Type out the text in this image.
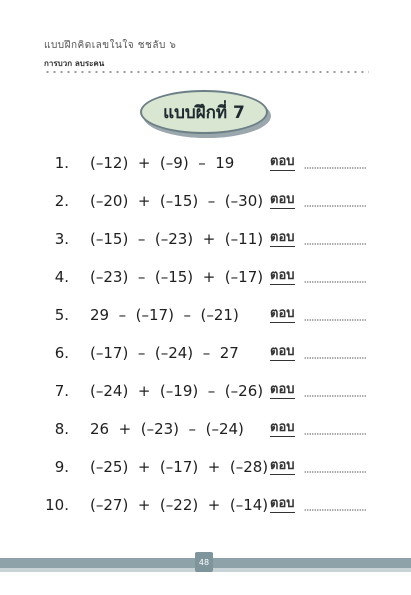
แบบฝึกคิดเลขในใจ ชชลับ ๖
การบวก ลบระคน
แบบฝึกที่ 7
1. (–12)  +  (–9)  –  19	ตอบ
2. (–20)  +  (–15)  –  (–30) ตอบ
3. (–15)  –  (–23)  +  (–11) ตอบ
4. (–23)  –  (–15)  +  (–17) ตอบ
5. 29  –  (–17)  –  (–21) ตอบ
6. (–17)  –  (–24)  –  27 ตอบ
7. (–24)  +  (–19)  –  (–26) ตอบ
8. 26  +  (–23)  –  (–24) ตอบ
9. (–25)  +  (–17)  +  (–28) ตอบ
10. (–27)  +  (–22)  +  (–14) ตอบ
48
